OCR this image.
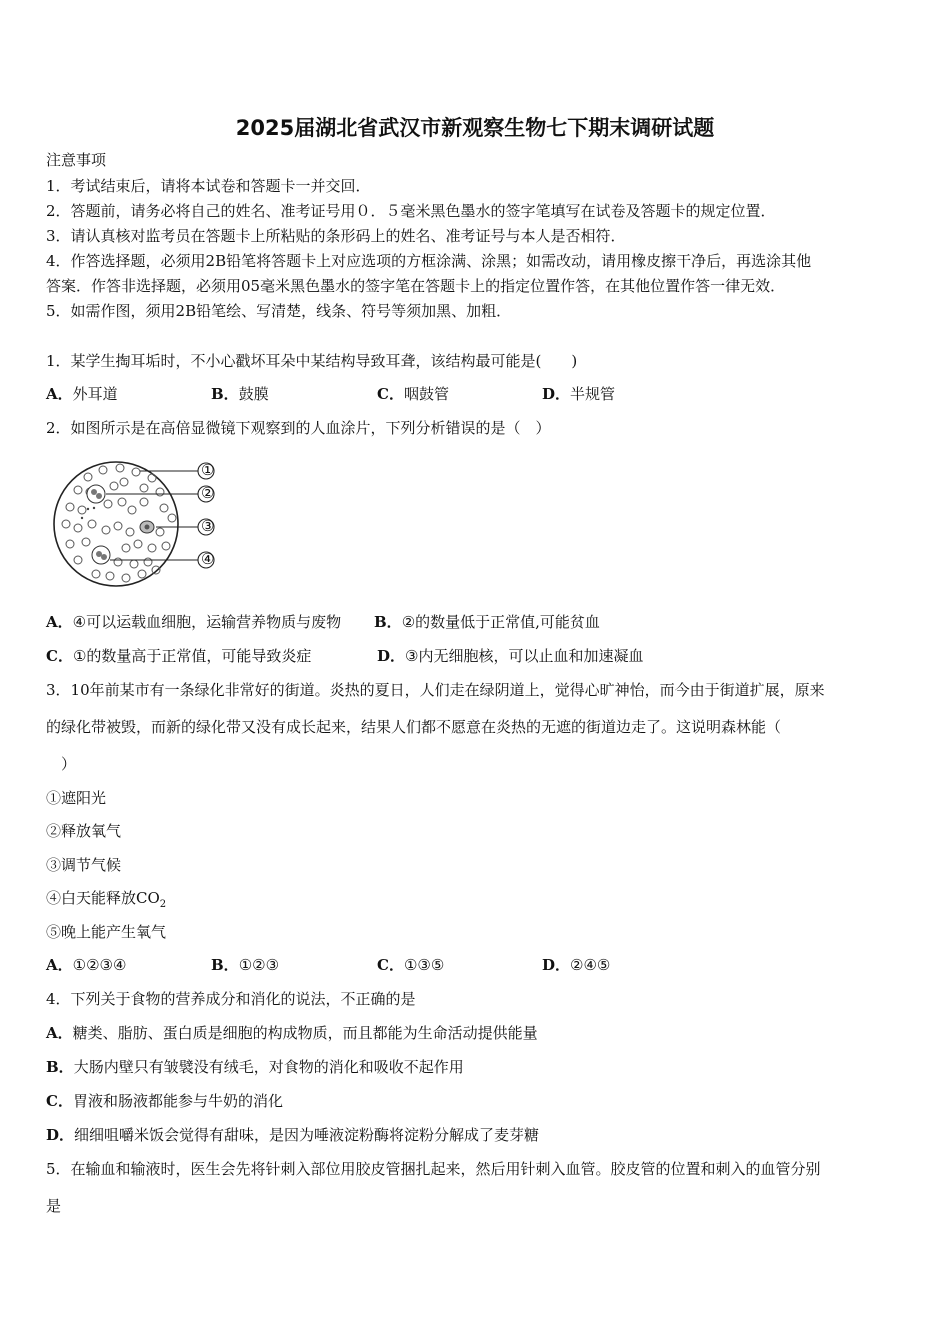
2025届湖北省武汉市新观察生物七下期末调研试题
注意事项
1．考试结束后，请将本试卷和答题卡一并交回．
2．答题前，请务必将自己的姓名、准考证号用０．５毫米黑色墨水的签字笔填写在试卷及答题卡的规定位置．
3．请认真核对监考员在答题卡上所粘贴的条形码上的姓名、准考证号与本人是否相符．
4．作答选择题，必须用2B铅笔将答题卡上对应选项的方框涂满、涂黑；如需改动，请用橡皮擦干净后，再选涂其他
答案．作答非选择题，必须用05毫米黑色墨水的签字笔在答题卡上的指定位置作答，在其他位置作答一律无效．
5．如需作图，须用2B铅笔绘、写清楚，线条、符号等须加黑、加粗．
1．某学生掏耳垢时，不小心戳坏耳朵中某结构导致耳聋，该结构最可能是(　　)
A．外耳道	B．鼓膜	C．咽鼓管	D．半规管
2．如图所示是在高倍显微镜下观察到的人血涂片，下列分析错误的是（　）
①
②
③
④
A．④可以运载血细胞，运输营养物质与废物 B．②的数量低于正常值,可能贫血
C．①的数量高于正常值，可能导致炎症	D．③内无细胞核，可以止血和加速凝血
3．10年前某市有一条绿化非常好的街道。炎热的夏日，人们走在绿阴道上，觉得心旷神怡，而今由于街道扩展，原来
的绿化带被毁，而新的绿化带又没有成长起来，结果人们都不愿意在炎热的无遮的街道边走了。这说明森林能（
　）
①遮阳光
②释放氧气
③调节气候
④白天能释放$CO_2$
⑤晚上能产生氧气
A．①②③④	B．①②③	C．①③⑤	D．②④⑤
4．下列关于食物的营养成分和消化的说法，不正确的是
A．糖类、脂肪、蛋白质是细胞的构成物质，而且都能为生命活动提供能量
B．大肠内壁只有皱襞没有绒毛，对食物的消化和吸收不起作用
C．胃液和肠液都能参与牛奶的消化
D．细细咀嚼米饭会觉得有甜味，是因为唾液淀粉酶将淀粉分解成了麦芽糖
5．在输血和输液时，医生会先将针刺入部位用胶皮管捆扎起来，然后用针刺入血管。胶皮管的位置和刺入的血管分别
是
